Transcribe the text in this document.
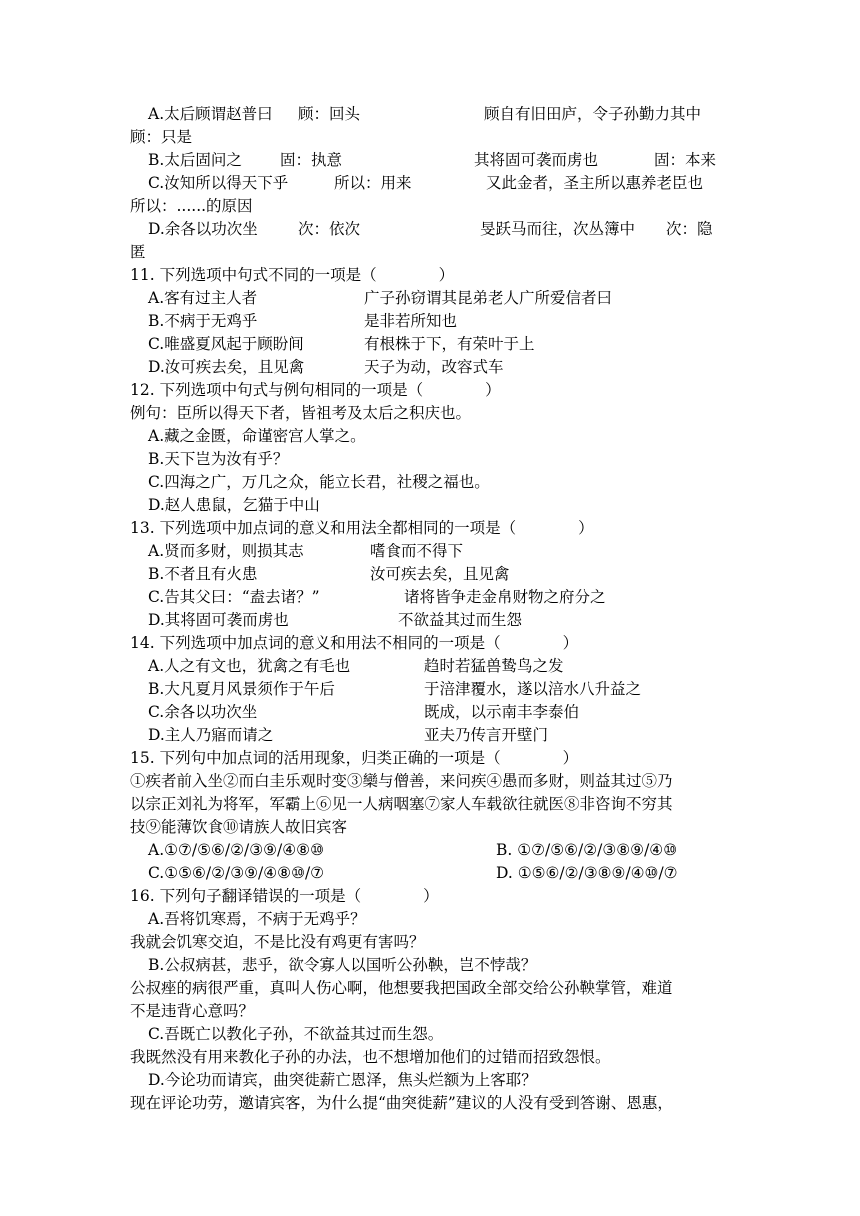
A.太后顾谓赵普曰 顾：回头	顾自有旧田庐，令子孙勤力其中
顾：只是
B.太后固问之 固：执意	其将固可袭而虏也	固：本来
C.汝知所以得天下乎	所以：用来	又此金者，圣主所以惠养老臣也
所以：......的原因
D.余各以功次坐	次：依次	旻跃马而往，次丛簿中 次：隐
匿
11. 下列选项中句式不同的一项是（　　　　）
A.客有过主人者	广子孙窃谓其昆弟老人广所爱信者曰
B.不病于无鸡乎	是非若所知也
C.唯盛夏风起于顾盼间	有根株于下，有荣叶于上
D.汝可疾去矣，且见禽	天子为动，改容式车
12. 下列选项中句式与例句相同的一项是（　　　　）
例句：臣所以得天下者，皆祖考及太后之积庆也。
A.藏之金匮，命谨密宫人掌之。
B.天下岂为汝有乎？
C.四海之广，万几之众，能立长君，社稷之福也。
D.赵人患鼠，乞猫于中山
13. 下列选项中加点词的意义和用法全都相同的一项是（　　　　）
A.贤而多财，则损其志	嗜食而不得下
B.不者且有火患	汝可疾去矣，且见禽
C.告其父曰：“盍去诸？”	诸将皆争走金帛财物之府分之
D.其将固可袭而虏也	不欲益其过而生怨
14. 下列选项中加点词的意义和用法不相同的一项是（　　　　）
A.人之有文也，犹禽之有毛也	趋时若猛兽鸷鸟之发
B.大凡夏月风景须作于午后	于涪津覆水，遂以涪水八升益之
C.余各以功次坐	既成，以示南丰李泰伯
D.主人乃寤而请之	亚夫乃传言开壁门
15. 下列句中加点词的活用现象，归类正确的一项是（　　　　）
①疾者前入坐②而白圭乐观时变③欒与僧善，来问疾④愚而多财，则益其过⑤乃
以宗正刘礼为将军，军霸上⑥见一人病咽塞⑦家人车载欲往就医⑧非咨询不穷其
技⑨能薄饮食⑩请族人故旧宾客
A.①⑦/⑤⑥/②/③⑨/④⑧⑩	B. ①⑦/⑤⑥/②/③⑧⑨/④⑩
C.①⑤⑥/②/③⑨/④⑧⑩/⑦	D. ①⑤⑥/②/③⑧⑨/④⑩/⑦
16. 下列句子翻译错误的一项是（　　　　）
A.吾将饥寒焉，不病于无鸡乎？
我就会饥寒交迫，不是比没有鸡更有害吗？
B.公叔病甚，悲乎，欲令寡人以国听公孙鞅，岂不悖哉？
公叔痤的病很严重，真叫人伤心啊，他想要我把国政全部交给公孙鞅掌管，难道
不是违背心意吗？
C.吾既亡以教化子孙，不欲益其过而生怨。
我既然没有用来教化子孙的办法，也不想增加他们的过错而招致怨恨。
D.今论功而请宾，曲突徙薪亡恩泽，焦头烂额为上客耶？
现在评论功劳，邀请宾客，为什么提“曲突徙薪”建议的人没有受到答谢、恩惠，
